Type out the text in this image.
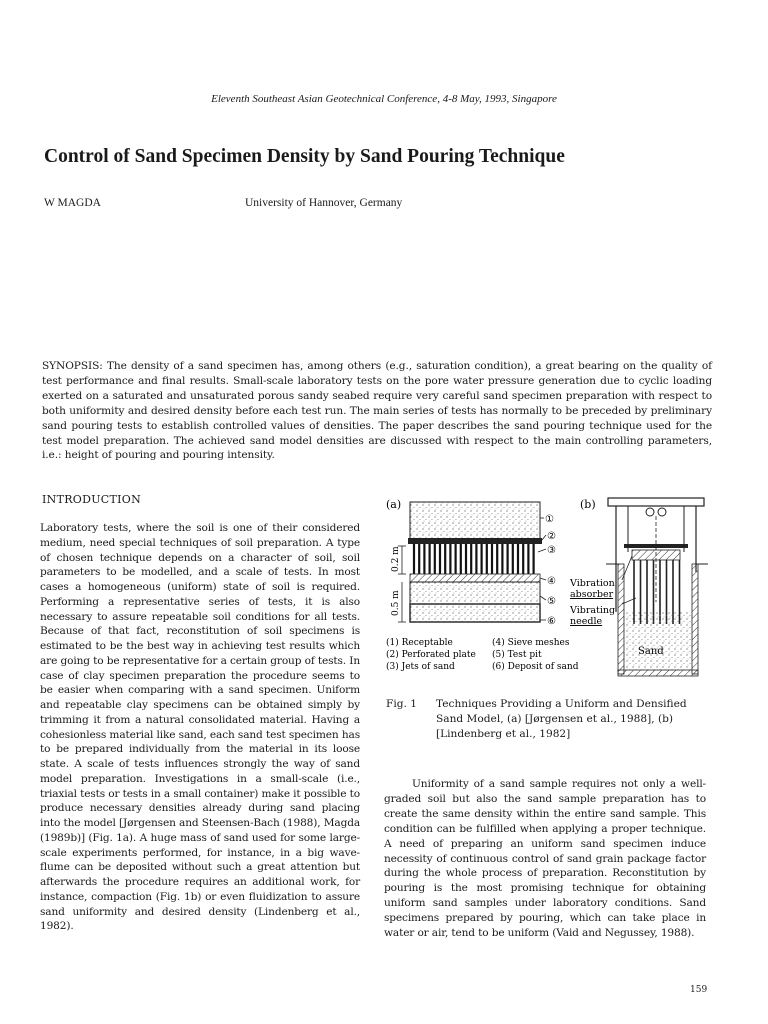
Eleventh Southeast Asian Geotechnical Conference, 4-8 May, 1993, Singapore
Control of Sand Specimen Density by Sand Pouring Technique
W MAGDA	University of Hannover, Germany
SYNOPSIS: The density of a sand specimen has, among others (e.g., saturation condition), a great bearing on the quality of test performance and final results. Small-scale laboratory tests on the pore water pressure generation due to cyclic loading exerted on a saturated and unsaturated porous sandy seabed require very careful sand specimen preparation with respect to both uniformity and desired density before each test run. The main series of tests has normally to be preceded by preliminary sand pouring tests to establish controlled values of densities. The paper describes the sand pouring technique used for the test model preparation. The achieved sand model densities are discussed with respect to the main controlling parameters, i.e.: height of pouring and pouring intensity.
INTRODUCTION
Laboratory tests, where the soil is one of their considered medium, need special techniques of soil preparation. A type of chosen technique depends on a character of soil, soil parameters to be modelled, and a scale of tests. In most cases a homogeneous (uniform) state of soil is required. Performing a representative series of tests, it is also necessary to assure repeatable soil conditions for all tests. Because of that fact, reconstitution of soil specimens is estimated to be the best way in achieving test results which are going to be representative for a certain group of tests. In case of clay specimen preparation the procedure seems to be easier when comparing with a sand specimen. Uniform and repeatable clay specimens can be obtained simply by trimming it from a natural consolidated material. Having a cohesionless material like sand, each sand test specimen has to be prepared individually from the material in its loose state. A scale of tests influences strongly the way of sand model preparation. Investigations in a small-scale (i.e., triaxial tests or tests in a small container) make it possible to produce necessary densities already during sand placing into the model [Jørgensen and Steensen-Bach (1988), Magda (1989b)] (Fig. 1a). A huge mass of sand used for some large-scale experiments performed, for instance, in a big wave-flume can be deposited without such a great attention but afterwards the procedure requires an additional work, for instance, compaction (Fig. 1b) or even fluidization to assure sand uniformity and desired density (Lindenberg et al., 1982).
(a)
0.2 m
0.5 m
①
②
③
④
⑤
⑥
(1) Receptable	(4) Sieve meshes
(2) Perforated plate (5) Test pit
(3) Jets of sand	(6) Deposit of sand
(b)
Sand
Vibration
absorber
Vibrating
needle
Fig. 1 Techniques Providing a Uniform and Densified Sand Model, (a) [Jørgensen et al., 1988], (b) [Lindenberg et al., 1982]
Uniformity of a sand sample requires not only a well-graded soil but also the sand sample preparation has to create the same density within the entire sand sample. This condition can be fulfilled when applying a proper technique. A need of preparing an uniform sand specimen induce necessity of continuous control of sand grain package factor during the whole process of preparation. Reconstitution by pouring is the most promising technique for obtaining uniform sand samples under laboratory conditions. Sand specimens prepared by pouring, which can take place in water or air, tend to be uniform (Vaid and Negussey, 1988).
159
